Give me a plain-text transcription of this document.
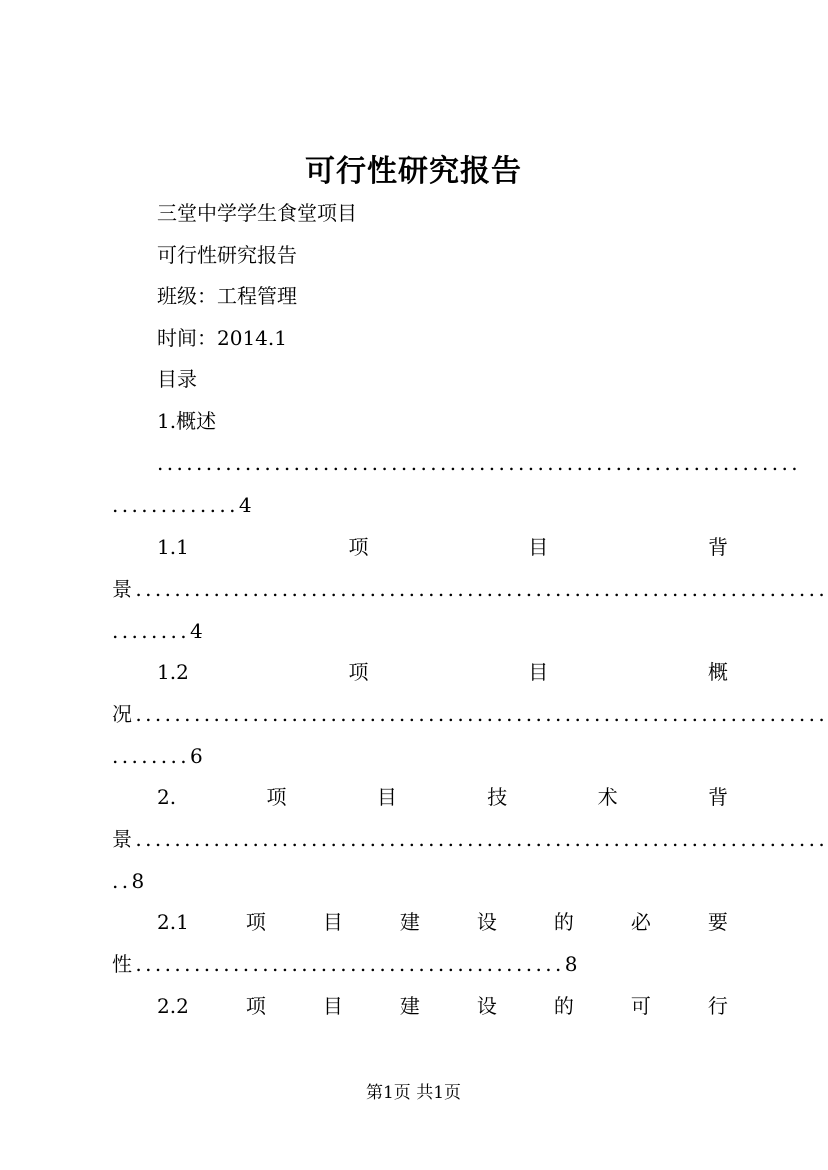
可行性研究报告
三堂中学学生食堂项目
可行性研究报告
班级：工程管理
时间：2014.1
目录
1.概述
..................................................................
.............4
1.1	项	目	背
景.......................................................................
........4
1.2	项	目	概
况.......................................................................
........6
2.	项	目	技	术	背
景.......................................................................
..8
2.1	项	目	建	设	的	必	要
性............................................8
2.2	项	目	建	设	的	可	行
第1页 共1页
